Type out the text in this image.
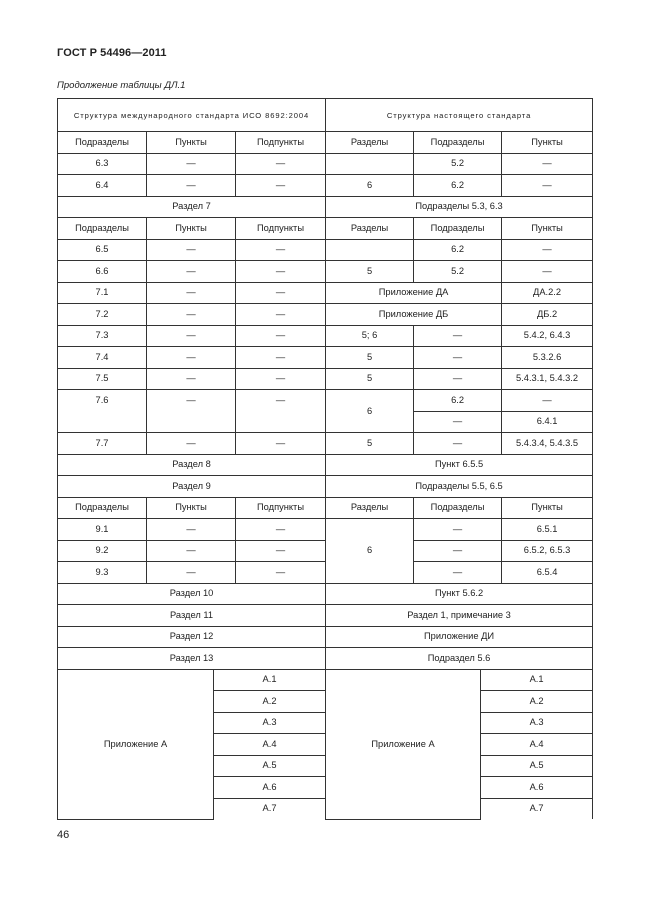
ГОСТ Р 54496—2011
Продолжение таблицы ДЛ.1
Структура международного стандарта ИСО 8692:2004				Структура настоящего стандарта			
Подразделы	Пункты		Подпункты	Разделы	Подразделы		Пункты
6.3	—		—		5.2		—
6.4	—		—	6	6.2		—
Раздел 7				Подразделы 5.3, 6.3			
Подразделы	Пункты		Подпункты	Разделы	Подразделы		Пункты
6.5	—		—		6.2		—
6.6	—		—	5	5.2		—
7.1	—		—	Приложение ДА			ДА.2.2
7.2	—		—	Приложение ДБ			ДБ.2
7.3	—		—	5; 6	—		5.4.2, 6.4.3
7.4	—		—	5	—		5.3.2.6
7.5	—		—	5	—		5.4.3.1, 5.4.3.2
7.6	—		—	6	6.2		—
					—		6.4.1
7.7	—		—	5	—		5.4.3.4, 5.4.3.5
Раздел 8				Пункт 6.5.5			
Раздел 9				Подразделы 5.5, 6.5			
Подразделы	Пункты		Подпункты	Разделы	Подразделы		Пункты
9.1	—		—	6	—		6.5.1
9.2	—		—		—		6.5.2, 6.5.3
9.3	—		—		—		6.5.4
Раздел 10				Пункт 5.6.2			
Раздел 11				Раздел 1, примечание 3			
Раздел 12				Приложение ДИ			
Раздел 13				Подраздел 5.6			
Приложение А		А.1		Приложение А		А.1	
		А.2				А.2	
		А.3				А.3	
		А.4				А.4	
		А.5				А.5	
		А.6				А.6	
		А.7				А.7	
46
